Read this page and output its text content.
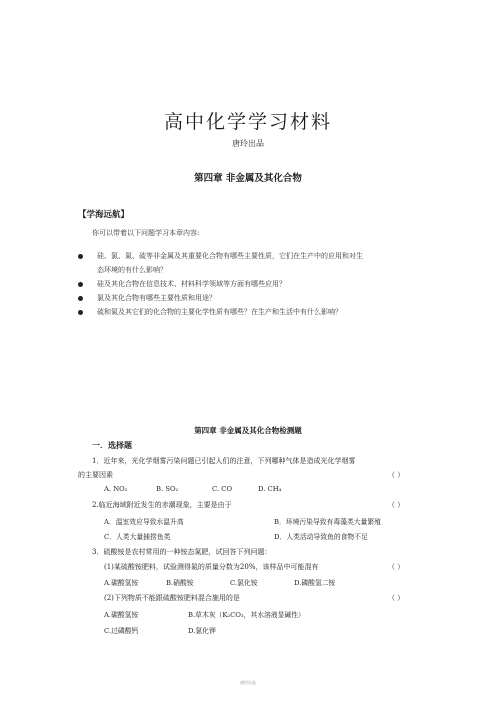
高中化学学习材料
唐玲出品
第四章 非金属及其化合物
【学海远航】
你可以带着以下问题学习本章内容:
硅、氯、氮、硫等非金属及其重要化合物有哪些主要性质，它们在生产中的应用和对生
态环境的有什么影响？
硅及其化合物在信息技术、材料科学领域等方面有哪些应用？
氯及其化合物有哪些主要性质和用途？
硫和氮及其它们的化合物的主要化学性质有哪些？在生产和生活中有什么影响？
第四章 非金属及其化合物检测题
一．选择题
1．近年来，光化学烟雾污染问题已引起人们的注意，下列哪种气体是造成光化学烟雾
的主要因素	（ ）
A. NO₂	B. SO₂	C. CO	D. CH₄
2.临近海域附近发生的赤潮现象，主要是由于	（ ）
A．温室效应导致水温升高	B．环境污染导致有毒藻类大量繁殖
C．人类大量捕捞鱼类	D．人类活动导致鱼的食物不足
3．硫酸铵是农村常用的一种铵态氮肥，试回答下列问题：
(1)某硫酸铵肥料，试验测得氮的质量分数为20%，该样品中可能混有	（ ）
A.碳酸氢铵	B.硝酸铵	C.氯化铵	D.磷酸氢二铵
(2)下列物质不能跟硫酸铵肥料混合施用的是	（ ）
A.碳酸氢铵	B.草木灰（K₂CO₃，其水溶液显碱性）
C.过磷酸钙	D.氯化钾
唐玲出品
